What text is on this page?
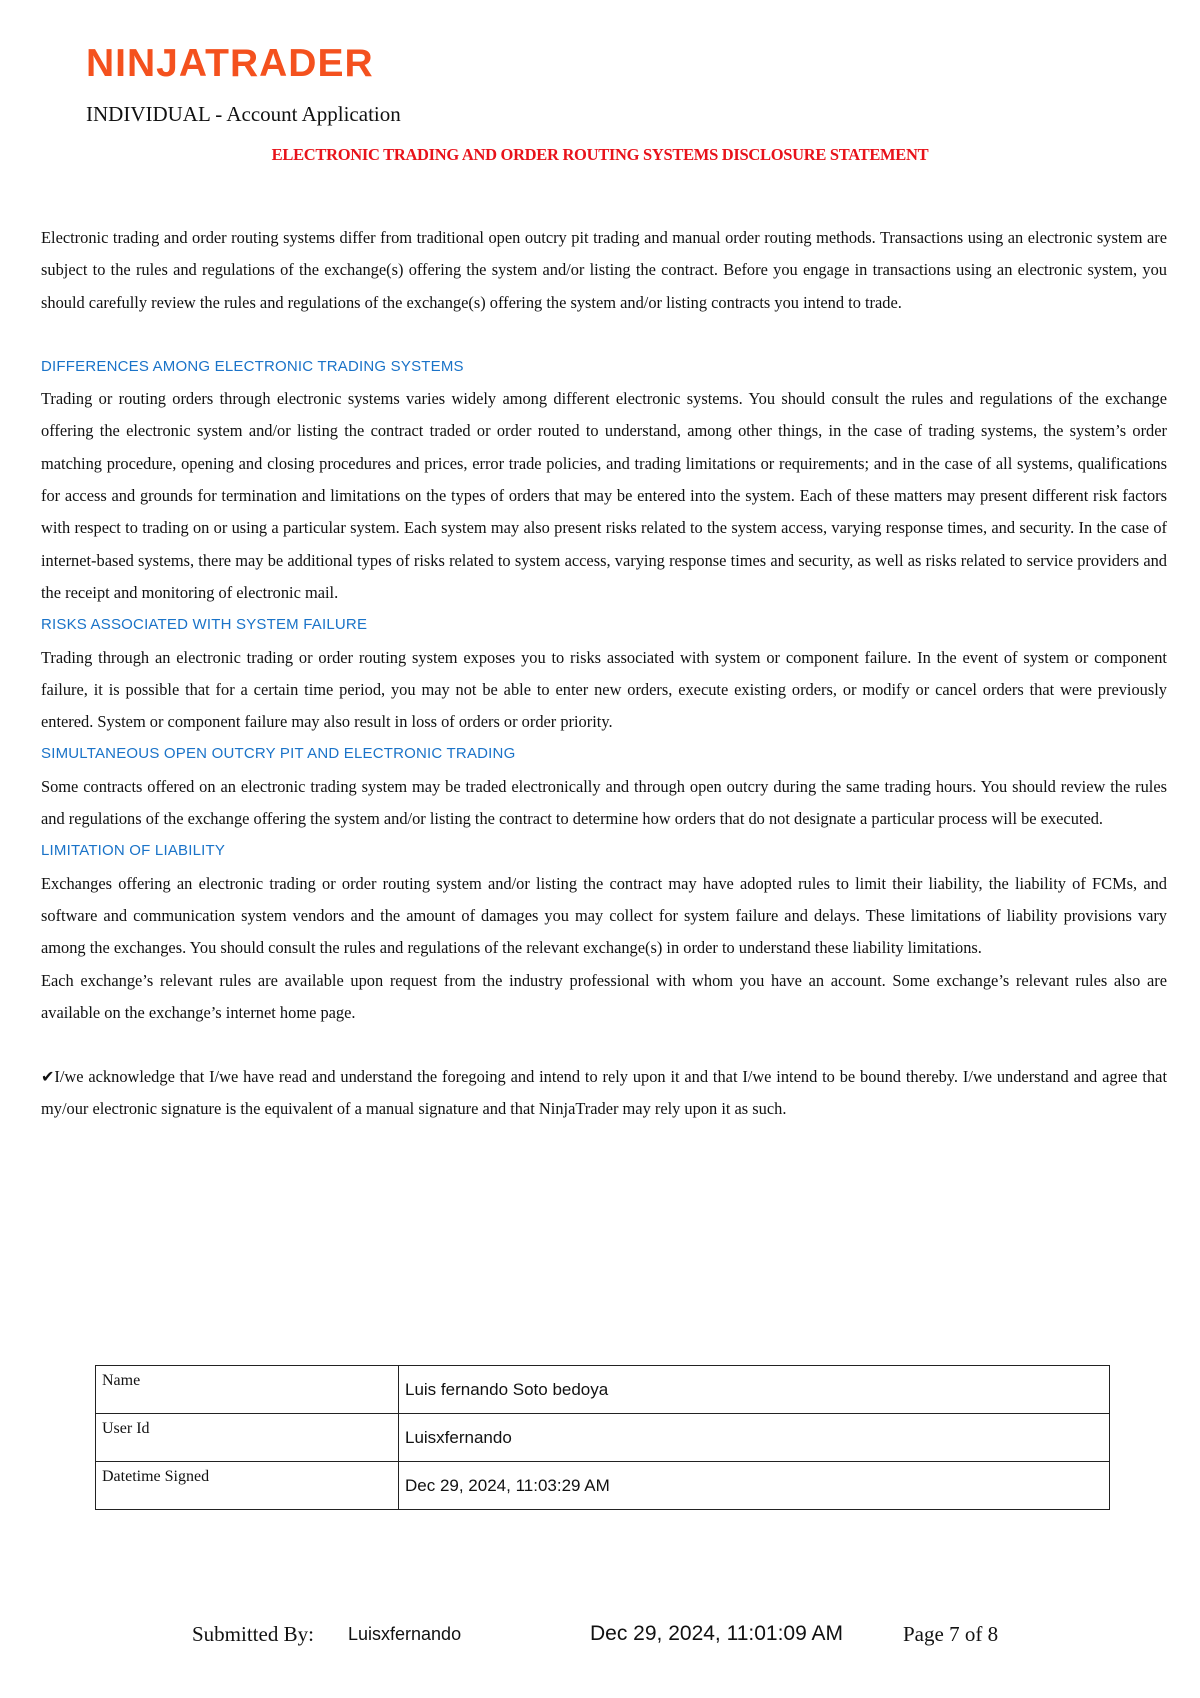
NINJATRADER
INDIVIDUAL - Account Application
ELECTRONIC TRADING AND ORDER ROUTING SYSTEMS DISCLOSURE STATEMENT

Electronic trading and order routing systems differ from traditional open outcry pit trading and manual order routing methods. Transactions using an electronic system are subject to the rules and regulations of the exchange(s) offering the system and/or listing the contract. Before you engage in transactions using an electronic system, you should carefully review the rules and regulations of the exchange(s) offering the system and/or listing contracts you intend to trade.

DIFFERENCES AMONG ELECTRONIC TRADING SYSTEMS

Trading or routing orders through electronic systems varies widely among different electronic systems. You should consult the rules and regulations of the exchange offering the electronic system and/or listing the contract traded or order routed to understand, among other things, in the case of trading systems, the system’s order matching procedure, opening and closing procedures and prices, error trade policies, and trading limitations or requirements; and in the case of all systems, qualifications for access and grounds for termination and limitations on the types of orders that may be entered into the system. Each of these matters may present different risk factors with respect to trading on or using a particular system. Each system may also present risks related to the system access, varying response times, and security. In the case of internet-based systems, there may be additional types of risks related to system access, varying response times and security, as well as risks related to service providers and the receipt and monitoring of electronic mail.

RISKS ASSOCIATED WITH SYSTEM FAILURE

Trading through an electronic trading or order routing system exposes you to risks associated with system or component failure. In the event of system or component failure, it is possible that for a certain time period, you may not be able to enter new orders, execute existing orders, or modify or cancel orders that were previously entered. System or component failure may also result in loss of orders or order priority.

SIMULTANEOUS OPEN OUTCRY PIT AND ELECTRONIC TRADING

Some contracts offered on an electronic trading system may be traded electronically and through open outcry during the same trading hours. You should review the rules and regulations of the exchange offering the system and/or listing the contract to determine how orders that do not designate a particular process will be executed.

LIMITATION OF LIABILITY

Exchanges offering an electronic trading or order routing system and/or listing the contract may have adopted rules to limit their liability, the liability of FCMs, and software and communication system vendors and the amount of damages you may collect for system failure and delays. These limitations of liability provisions vary among the exchanges. You should consult the rules and regulations of the relevant exchange(s) in order to understand these liability limitations.

Each exchange’s relevant rules are available upon request from the industry professional with whom you have an account. Some exchange’s relevant rules also are available on the exchange’s internet home page.

✔I/we acknowledge that I/we have read and understand the foregoing and intend to rely upon it and that I/we intend to be bound thereby. I/we understand and agree that my/our electronic signature is the equivalent of a manual signature and that NinjaTrader may rely upon it as such.

Name	Luis fernando Soto bedoya
User Id	Luisxfernando
Datetime Signed	Dec 29, 2024, 11:03:29 AM
Submitted By: Luisxfernando	Dec 29, 2024, 11:01:09 AM	Page 7 of 8
